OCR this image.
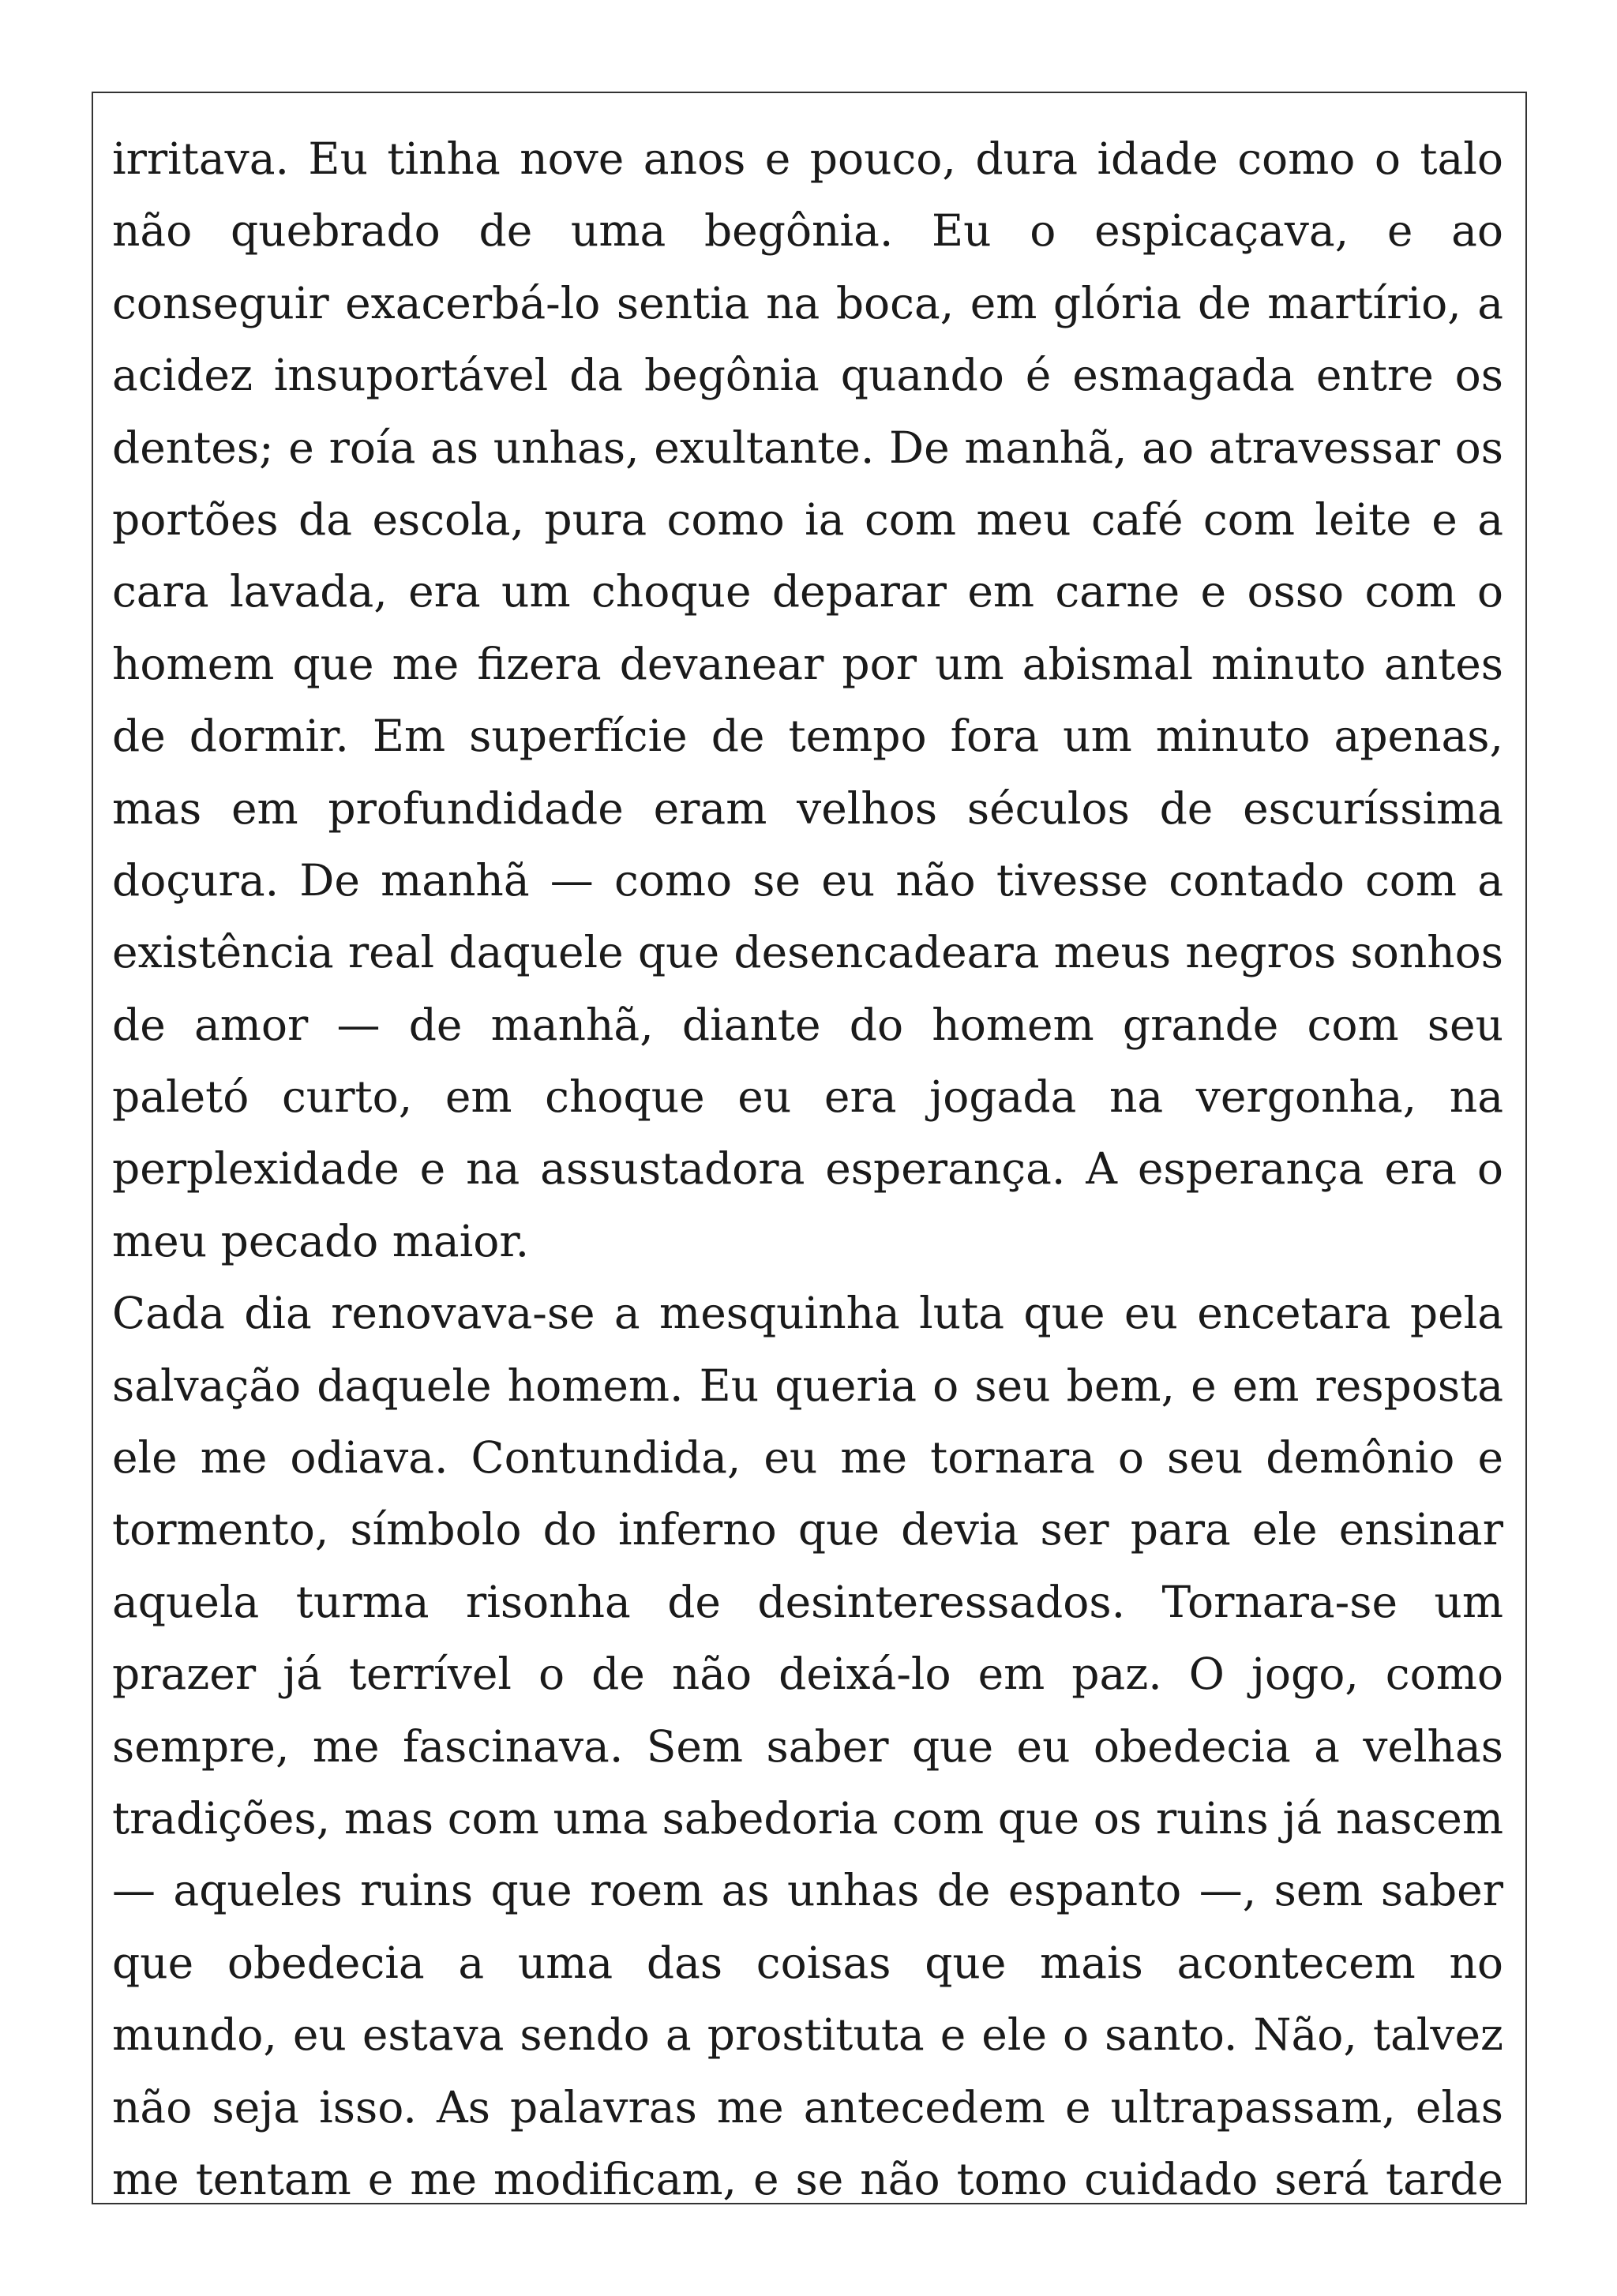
irritava. Eu tinha nove anos e pouco, dura idade como o talo
não quebrado de uma begônia. Eu o espicaçava, e ao
conseguir exacerbá-lo sentia na boca, em glória de martírio, a
acidez insuportável da begônia quando é esmagada entre os
dentes; e roía as unhas, exultante. De manhã, ao atravessar os
portões da escola, pura como ia com meu café com leite e a
cara lavada, era um choque deparar em carne e osso com o
homem que me fizera devanear por um abismal minuto antes
de dormir. Em superfície de tempo fora um minuto apenas,
mas em profundidade eram velhos séculos de escuríssima
doçura. De manhã — como se eu não tivesse contado com a
existência real daquele que desencadeara meus negros sonhos
de amor — de manhã, diante do homem grande com seu
paletó curto, em choque eu era jogada na vergonha, na
perplexidade e na assustadora esperança. A esperança era o
meu pecado maior.
Cada dia renovava-se a mesquinha luta que eu encetara pela
salvação daquele homem. Eu queria o seu bem, e em resposta
ele me odiava. Contundida, eu me tornara o seu demônio e
tormento, símbolo do inferno que devia ser para ele ensinar
aquela turma risonha de desinteressados. Tornara-se um
prazer já terrível o de não deixá-lo em paz. O jogo, como
sempre, me fascinava. Sem saber que eu obedecia a velhas
tradições, mas com uma sabedoria com que os ruins já nascem
— aqueles ruins que roem as unhas de espanto —, sem saber
que obedecia a uma das coisas que mais acontecem no
mundo, eu estava sendo a prostituta e ele o santo. Não, talvez
não seja isso. As palavras me antecedem e ultrapassam, elas
me tentam e me modificam, e se não tomo cuidado será tarde
